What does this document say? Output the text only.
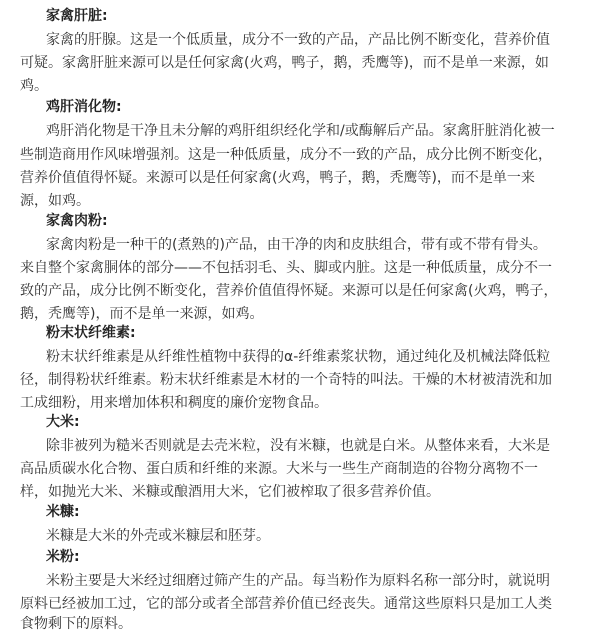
家禽肝脏:
家禽的肝腺。这是一个低质量，成分不一致的产品，产品比例不断变化，营养价值
可疑。家禽肝脏来源可以是任何家禽(火鸡，鸭子，鹅，秃鹰等)，而不是单一来源，如
鸡。
鸡肝消化物:
鸡肝消化物是干净且未分解的鸡肝组织经化学和/或酶解后产品。家禽肝脏消化被一
些制造商用作风味增强剂。这是一种低质量，成分不一致的产品，成分比例不断变化，
营养价值值得怀疑。来源可以是任何家禽(火鸡，鸭子，鹅，秃鹰等)，而不是单一来
源，如鸡。
家禽肉粉:
家禽肉粉是一种干的(煮熟的)产品，由干净的肉和皮肤组合，带有或不带有骨头。
来自整个家禽胴体的部分——不包括羽毛、头、脚或内脏。这是一种低质量，成分不一
致的产品，成分比例不断变化，营养价值值得怀疑。来源可以是任何家禽(火鸡，鸭子，
鹅，秃鹰等)，而不是单一来源，如鸡。
粉末状纤维素:
粉末状纤维素是从纤维性植物中获得的α-纤维素浆状物，通过纯化及机械法降低粒
径，制得粉状纤维素。粉末状纤维素是木材的一个奇特的叫法。干燥的木材被清洗和加
工成细粉，用来增加体积和稠度的廉价宠物食品。
大米:
除非被列为糙米否则就是去壳米粒，没有米糠，也就是白米。从整体来看，大米是
高品质碳水化合物、蛋白质和纤维的来源。大米与一些生产商制造的谷物分离物不一
样，如抛光大米、米糠或酿酒用大米，它们被榨取了很多营养价值。
米糠:
米糠是大米的外壳或米糠层和胚芽。
米粉:
米粉主要是大米经过细磨过筛产生的产品。每当粉作为原料名称一部分时，就说明
原料已经被加工过，它的部分或者全部营养价值已经丧失。通常这些原料只是加工人类
食物剩下的原料。
